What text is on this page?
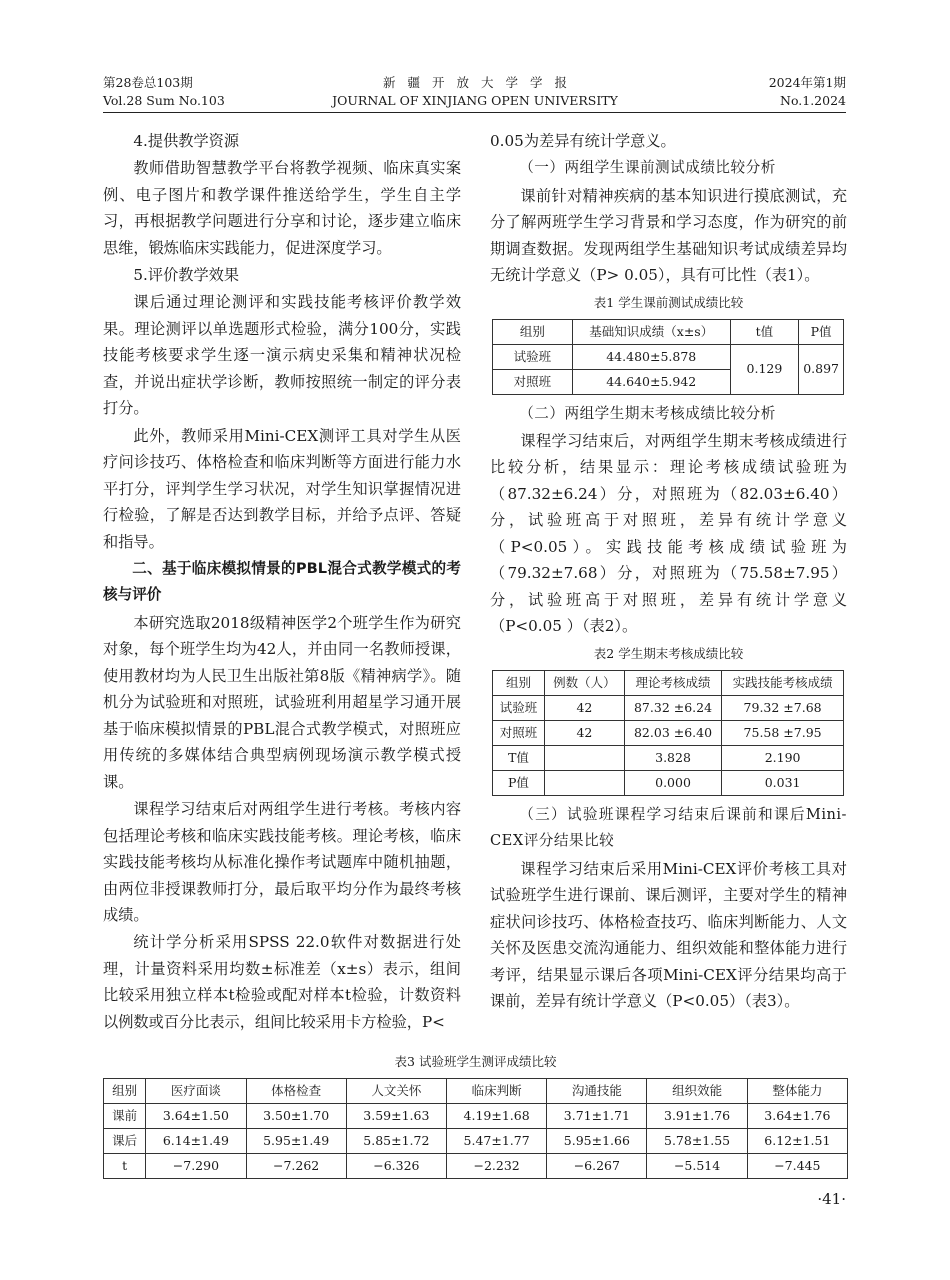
第28卷总103期
Vol.28 Sum No.103
新疆开放大学学报
JOURNAL OF XINJIANG OPEN UNIVERSITY
2024年第1期
No.1.2024

4.提供教学资源

教师借助智慧教学平台将教学视频、临床真实案例、电子图片和教学课件推送给学生，学生自主学习，再根据教学问题进行分享和讨论，逐步建立临床思维，锻炼临床实践能力，促进深度学习。

5.评价教学效果

课后通过理论测评和实践技能考核评价教学效果。理论测评以单选题形式检验，满分100分，实践技能考核要求学生逐一演示病史采集和精神状况检查，并说出症状学诊断，教师按照统一制定的评分表打分。

此外，教师采用Mini-CEX测评工具对学生从医疗问诊技巧、体格检查和临床判断等方面进行能力水平打分，评判学生学习状况，对学生知识掌握情况进行检验，了解是否达到教学目标，并给予点评、答疑和指导。

二、基于临床模拟情景的PBL混合式教学模式的考核与评价

本研究选取2018级精神医学2个班学生作为研究对象，每个班学生均为42人，并由同一名教师授课，使用教材均为人民卫生出版社第8版《精神病学》。随机分为试验班和对照班，试验班利用超星学习通开展基于临床模拟情景的PBL混合式教学模式，对照班应用传统的多媒体结合典型病例现场演示教学模式授课。

课程学习结束后对两组学生进行考核。考核内容包括理论考核和临床实践技能考核。理论考核，临床实践技能考核均从标准化操作考试题库中随机抽题，由两位非授课教师打分，最后取平均分作为最终考核成绩。

统计学分析采用SPSS 22.0软件对数据进行处理，计量资料采用均数±标准差（x±s）表示，组间比较采用独立样本t检验或配对样本t检验，计数资料以例数或百分比表示，组间比较采用卡方检验，P<

0.05为差异有统计学意义。

（一）两组学生课前测试成绩比较分析

课前针对精神疾病的基本知识进行摸底测试，充分了解两班学生学习背景和学习态度，作为研究的前期调查数据。发现两组学生基础知识考试成绩差异均无统计学意义（P> 0.05），具有可比性（表1）。

表1 学生课前测试成绩比较
组别	基础知识成绩（x±s）	t值	P值
试验班	44.480±5.878	0.129	0.897
对照班	44.640±5.942		

（二）两组学生期末考核成绩比较分析

课程学习结束后，对两组学生期末考核成绩进行比较分析，结果显示：理论考核成绩试验班为（87.32±6.24）分，对照班为（82.03±6.40）分，试验班高于对照班，差异有统计学意义（P<0.05）。实践技能考核成绩试验班为（79.32±7.68）分，对照班为（75.58±7.95）分，试验班高于对照班，差异有统计学意义（P<0.05 ）（表2）。

表2 学生期末考核成绩比较
组别	例数（人）	理论考核成绩	实践技能考核成绩
试验班	42	87.32 ±6.24	79.32 ±7.68
对照班	42	82.03 ±6.40	75.58 ±7.95
T值		3.828	2.190
P值		0.000	0.031

（三）试验班课程学习结束后课前和课后Mini-CEX评分结果比较

课程学习结束后采用Mini-CEX评价考核工具对试验班学生进行课前、课后测评，主要对学生的精神症状问诊技巧、体格检查技巧、临床判断能力、人文关怀及医患交流沟通能力、组织效能和整体能力进行考评，结果显示课后各项Mini-CEX评分结果均高于课前，差异有统计学意义（P<0.05）（表3）。

表3 试验班学生测评成绩比较
组别	医疗面谈	体格检查	人文关怀	临床判断	沟通技能	组织效能	整体能力
课前	3.64±1.50	3.50±1.70	3.59±1.63	4.19±1.68	3.71±1.71	3.91±1.76	3.64±1.76
课后	6.14±1.49	5.95±1.49	5.85±1.72	5.47±1.77	5.95±1.66	5.78±1.55	6.12±1.51
t	−7.290	−7.262	−6.326	−2.232	−6.267	−5.514	−7.445
·41·
